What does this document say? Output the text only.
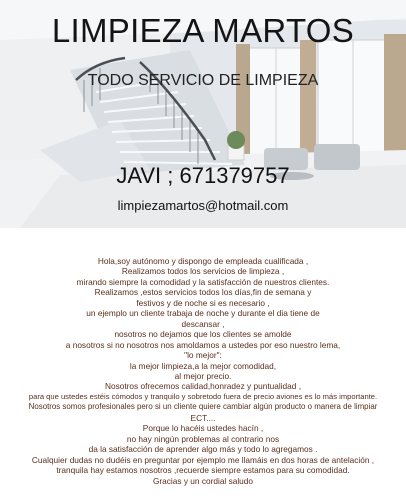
LIMPIEZA MARTOS
TODO SERVICIO DE LIMPIEZA
JAVI ; 671379757
limpiezamartos@hotmail.com
Hola,soy autónomo y dispongo de empleada cualificada ,
Realizamos todos los servicios de limpieza ,
mirando siempre la comodidad y la satisfacción de nuestros clientes.
Realizamos ,estos servicios todos los días,fin de semana y
festivos y de noche si es necesario ,
un ejemplo un cliente trabaja de noche y durante el dia tiene de
descansar ,
nosotros no dejamos que los clientes se amolde
a nosotros si no nosotros nos amoldamos a ustedes por eso nuestro lema,
"lo mejor":
la mejor limpieza,a la mejor comodidad,
al mejor precio.
Nosotros ofrecemos calidad,honradez y puntualidad ,
para que ustedes estéis cómodos y tranquilo y sobretodo fuera de precio aviones es lo más importante.
Nosotros somos profesionales pero si un cliente quiere cambiar algún producto o manera de limpiar
ECT....
Porque lo hacéis ustedes hacín ,
no hay ningún problemas al contrario nos
da la satisfacción de aprender algo más y todo lo agregamos .
Cualquier dudas no dudéis en preguntar por ejemplo me llamáis en dos horas de antelación ,
tranquila hay estamos nosotros ,recuerde siempre estamos para su comodidad.
Gracias y un cordial saludo
